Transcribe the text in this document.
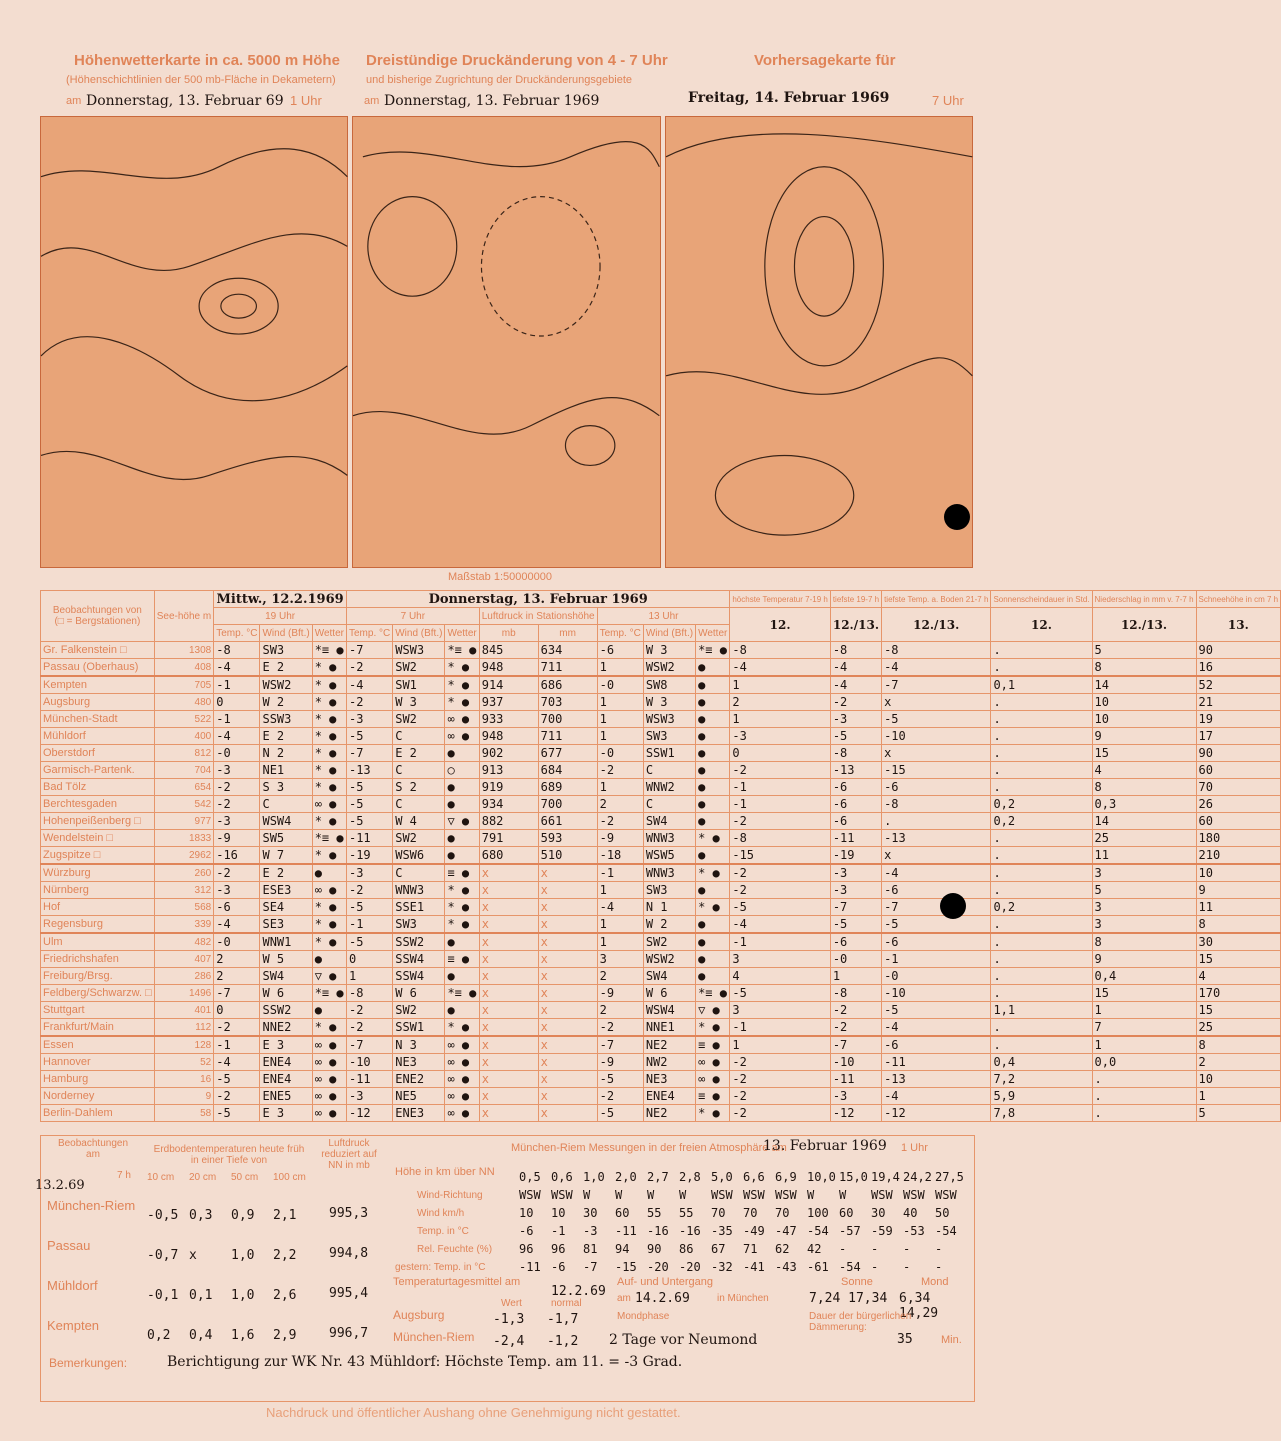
Höhenwetterkarte in ca. 5000 m Höhe
(Höhenschichtlinien der 500 mb-Fläche in Dekametern)
am Donnerstag, 13. Februar 69 1 Uhr
Dreistündige Druckänderung von 4 - 7 Uhr
und bisherige Zugrichtung der Druckänderungsgebiete
am Donnerstag, 13. Februar 1969
Vorhersagekarte für
Freitag, 14. Februar 1969	7 Uhr
Maßstab 1:50000000
Beobachtungen von
(□ = Bergstationen)	See-höhe m	Mittw., 12.2.1969			Donnerstag, 13. Februar 1969								höchste Temperatur 7-19 h	tiefste 19-7 h	tiefste Temp. a. Boden 21-7 h	Sonnenscheindauer in Std.	Niederschlag in mm v. 7-7 h	Schneehöhe in cm 7 h
		19 Uhr			7 Uhr			Luftdruck in Stationshöhe		13 Uhr			12.	12./13.	12./13.	12.	12./13.	13.
		Temp. °C	Wind (Bft.)	Wetter	Temp. °C	Wind (Bft.)	Wetter	mb	mm	Temp. °C	Wind (Bft.)	Wetter						
Gr. Falkenstein □	1308	-8	SW3	*≡ ●	-7	WSW3	*≡ ●	845	634	-6	W 3	*≡ ●	-8	-8	-8	.	5	90
Passau (Oberhaus)	408	-4	E 2	* ●	-2	SW2	* ●	948	711	1	WSW2	●	-4	-4	-4	.	8	16
Kempten	705	-1	WSW2	* ●	-4	SW1	* ●	914	686	-0	SW8	●	1	-4	-7	0,1	14	52
Augsburg	480	0	W 2	* ●	-2	W 3	* ●	937	703	1	W 3	●	2	-2	x	.	10	21
München-Stadt	522	-1	SSW3	* ●	-3	SW2	∞ ●	933	700	1	WSW3	●	1	-3	-5	.	10	19
Mühldorf	400	-4	E 2	* ●	-5	C	∞ ●	948	711	1	SW3	●	-3	-5	-10	.	9	17
Oberstdorf	812	-0	N 2	* ●	-7	E 2	●	902	677	-0	SSW1	●	0	-8	x	.	15	90
Garmisch-Partenk.	704	-3	NE1	* ●	-13	C	○	913	684	-2	C	●	-2	-13	-15	.	4	60
Bad Tölz	654	-2	S 3	* ●	-5	S 2	●	919	689	1	WNW2	●	-1	-6	-6	.	8	70
Berchtesgaden	542	-2	C	∞ ●	-5	C	●	934	700	2	C	●	-1	-6	-8	0,2	0,3	26
Hohenpeißenberg □	977	-3	WSW4	* ●	-5	W 4	▽ ●	882	661	-2	SW4	●	-2	-6	.	0,2	14	60
Wendelstein □	1833	-9	SW5	*≡ ●	-11	SW2	●	791	593	-9	WNW3	* ●	-8	-11	-13	.	25	180
Zugspitze □	2962	-16	W 7	* ●	-19	WSW6	●	680	510	-18	WSW5	●	-15	-19	x	.	11	210
Würzburg	260	-2	E 2	●	-3	C	≡ ●	x	x	-1	WNW3	* ●	-2	-3	-4	.	3	10
Nürnberg	312	-3	ESE3	∞ ●	-2	WNW3	* ●	x	x	1	SW3	●	-2	-3	-6	.	5	9
Hof	568	-6	SE4	* ●	-5	SSE1	* ●	x	x	-4	N 1	* ●	-5	-7	-7	0,2	3	11
Regensburg	339	-4	SE3	* ●	-1	SW3	* ●	x	x	1	W 2	●	-4	-5	-5	.	3	8
Ulm	482	-0	WNW1	* ●	-5	SSW2	●	x	x	1	SW2	●	-1	-6	-6	.	8	30
Friedrichshafen	407	2	W 5	●	0	SSW4	≡ ●	x	x	3	WSW2	●	3	-0	-1	.	9	15
Freiburg/Brsg.	286	2	SW4	▽ ●	1	SSW4	●	x	x	2	SW4	●	4	1	-0	.	0,4	4
Feldberg/Schwarzw. □	1496	-7	W 6	*≡ ●	-8	W 6	*≡ ●	x	x	-9	W 6	*≡ ●	-5	-8	-10	.	15	170
Stuttgart	401	0	SSW2	●	-2	SW2	●	x	x	2	WSW4	▽ ●	3	-2	-5	1,1	1	15
Frankfurt/Main	112	-2	NNE2	* ●	-2	SSW1	* ●	x	x	-2	NNE1	* ●	-1	-2	-4	.	7	25
Essen	128	-1	E 3	∞ ●	-7	N 3	∞ ●	x	x	-7	NE2	≡ ●	1	-7	-6	.	1	8
Hannover	52	-4	ENE4	∞ ●	-10	NE3	∞ ●	x	x	-9	NW2	∞ ●	-2	-10	-11	0,4	0,0	2
Hamburg	16	-5	ENE4	∞ ●	-11	ENE2	∞ ●	x	x	-5	NE3	∞ ●	-2	-11	-13	7,2	.	10
Norderney	9	-2	ENE5	∞ ●	-3	NE5	∞ ●	x	x	-2	ENE4	≡ ●	-2	-3	-4	5,9	.	1
Berlin-Dahlem	58	-5	E 3	∞ ●	-12	ENE3	∞ ●	x	x	-5	NE2	* ●	-2	-12	-12	7,8	.	5
Beobachtungen am
13.2.69
7 h
Erdbodentemperaturen heute früh in einer Tiefe von
Luftdruck reduziert auf NN in mb
10 cm 20 cm 50 cm 100 cm
München-Riem
-0,5 0,3 0,9 2,1	995,3
Passau
-0,7 x	1,0 2,2	994,8
Mühldorf
-0,1 0,1 1,0 2,6	995,4
Kempten
0,2 0,4 1,6 2,9	996,7
München-Riem Messungen in der freien Atmosphäre am
13. Februar 1969 1 Uhr
Höhe in km über NN 0,5 0,6 1,0 2,0 2,7 2,8 5,0 6,6 6,9 10,0 15,0 19,4 24,2 27,5
Wind-Richtung	WSW WSW W W W W WSW WSW WSW W W WSW WSW WSW
Wind km/h	10 10 30 60 55 55 70 70 70 100 60 30 40 50
Temp. in °C	-6 -1 -3 -11 -16 -16 -35 -49 -47 -54 -57 -59 -53 -54
Rel. Feuchte (%) 96 96 81 94 90 86 67 71 62 42 - - - -
-11 -6 -7 -15 -20 -20 -32 -41 -43 -61 -54 - - -
gestern: Temp. in °C
Temperaturtagesmittel am
12.2.69
Wert	normal
Augsburg	-1,3 -1,7
München-Riem -2,4 -1,2
Auf- und Untergang
am 14.2.69	in München
Sonne	Mond
7,24 17,34 6,34 14,29
Mondphase	Dauer der bürgerlichen Dämmerung:
2 Tage vor Neumond	35	Min.
Bemerkungen:	Berichtigung zur WK Nr. 43 Mühldorf: Höchste Temp. am 11. = -3 Grad.
Nachdruck und öffentlicher Aushang ohne Genehmigung nicht gestattet.
